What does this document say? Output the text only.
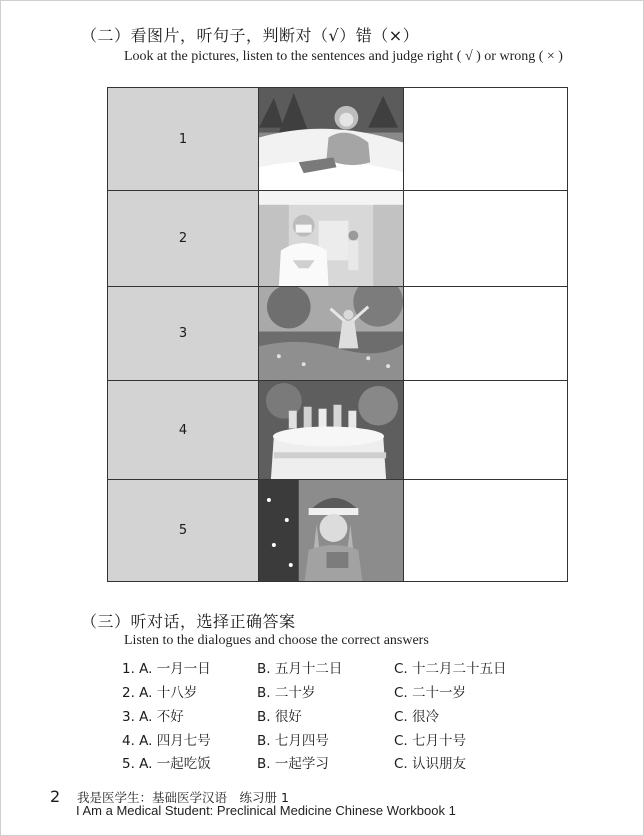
（二）看图片，听句子，判断对（√）错（×）
Look at the pictures, listen to the sentences and judge right ( √ ) or wrong ( × )
1
2
3
4
5
（三）听对话，选择正确答案
Listen to the dialogues and choose the correct answers
1. A. 一月一日	B. 五月十二日	C. 十二月二十五日
2. A. 十八岁	B. 二十岁	C. 二十一岁
3. A. 不好	B. 很好	C. 很冷
4. A. 四月七号	B. 七月四号	C. 七月十号
5. A. 一起吃饭	B. 一起学习	C. 认识朋友
2 我是医学生：基础医学汉语　练习册 1
I Am a Medical Student: Preclinical Medicine Chinese Workbook 1
